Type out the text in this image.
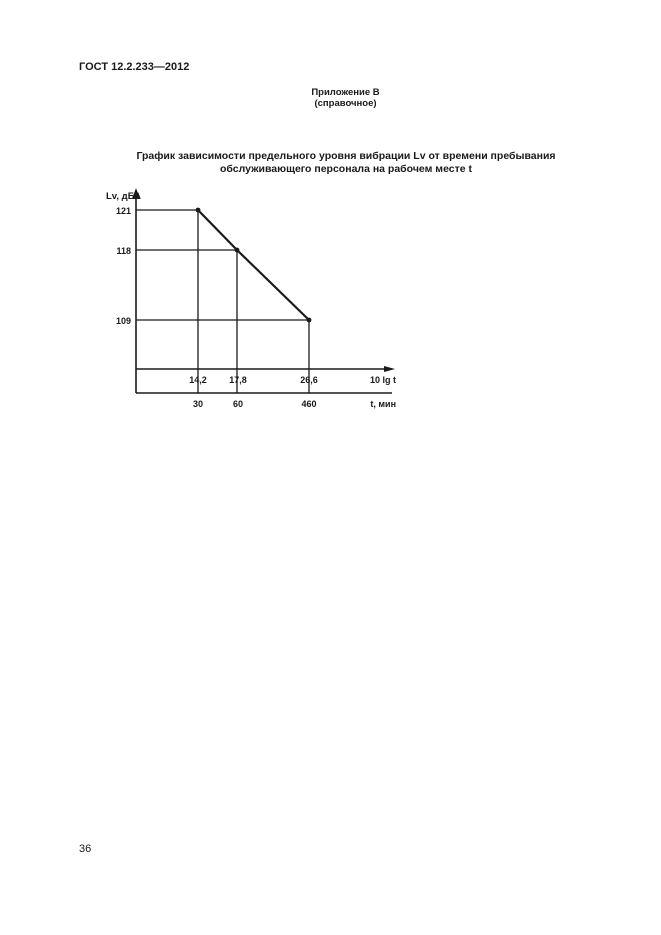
ГОСТ 12.2.233—2012
Приложение В
(справочное)
График зависимости предельного уровня вибрации Lv от времени пребывания
обслуживающего персонала на рабочем месте t
Lv, дБА
121
118
109
14,2 17,8	26,6	10 lg t
30	60	460	t, мин
36
